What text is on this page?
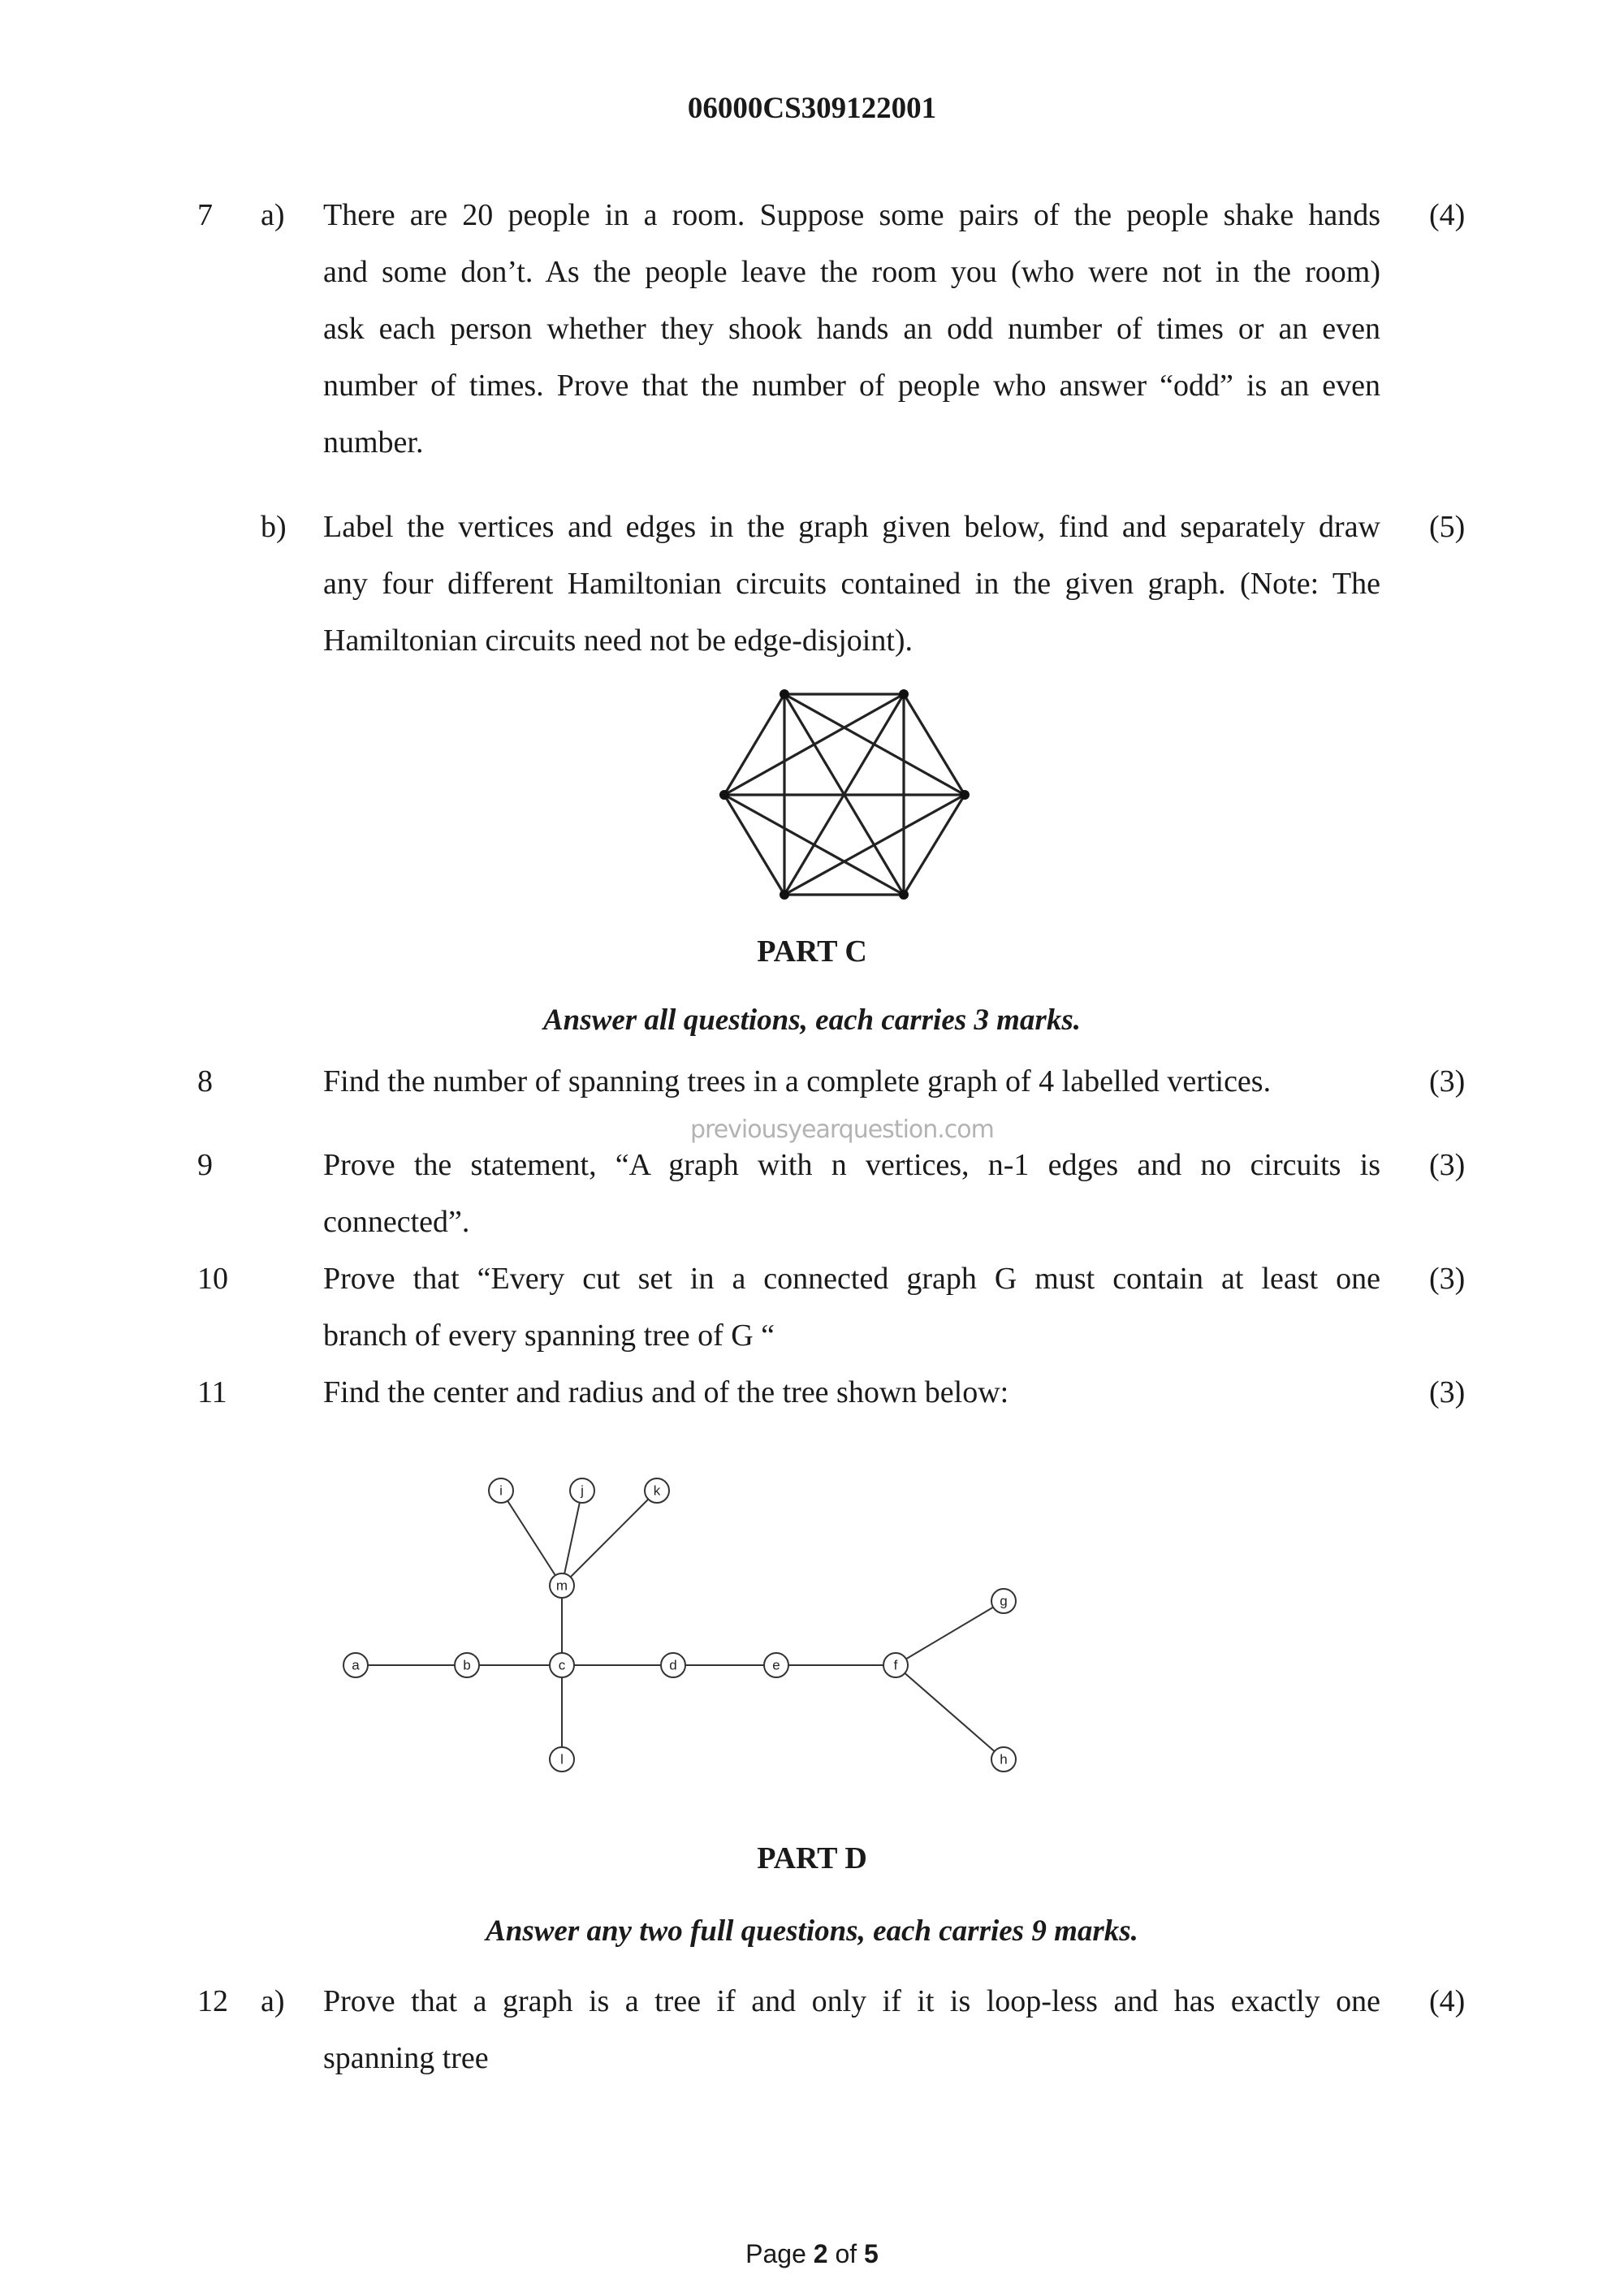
06000CS309122001
7 a)	(4)
There are 20 people in a room. Suppose some pairs of the people shake hands
and some don’t. As the people leave the room you (who were not in the room)
ask each person whether they shook hands an odd number of times or an even
number of times. Prove that the number of people who answer “odd” is an even
number.
b)	(5)
Label the vertices and edges in the graph given below, find and separately draw
any four different Hamiltonian circuits contained in the given graph. (Note: The
Hamiltonian circuits need not be edge-disjoint).
PART C
Answer all questions, each carries 3 marks.
8	Find the number of spanning trees in a complete graph of 4 labelled vertices.	(3)
previousyearquestion.com
9	Prove the statement, “A graph with n vertices, n-1 edges and no circuits is
connected”.
(3)
10	Prove that “Every cut set in a connected graph G must contain at least one
branch of every spanning tree of G “
(3)
11	Find the center and radius and of the tree shown below:	(3)
a	b	c	d	e	f
g
h
i	j	k
l
m
PART D
Answer any two full questions, each carries 9 marks.
12 a) Prove that a graph is a tree if and only if it is loop-less and has exactly one
spanning tree
(4)
Page 2 of 5
